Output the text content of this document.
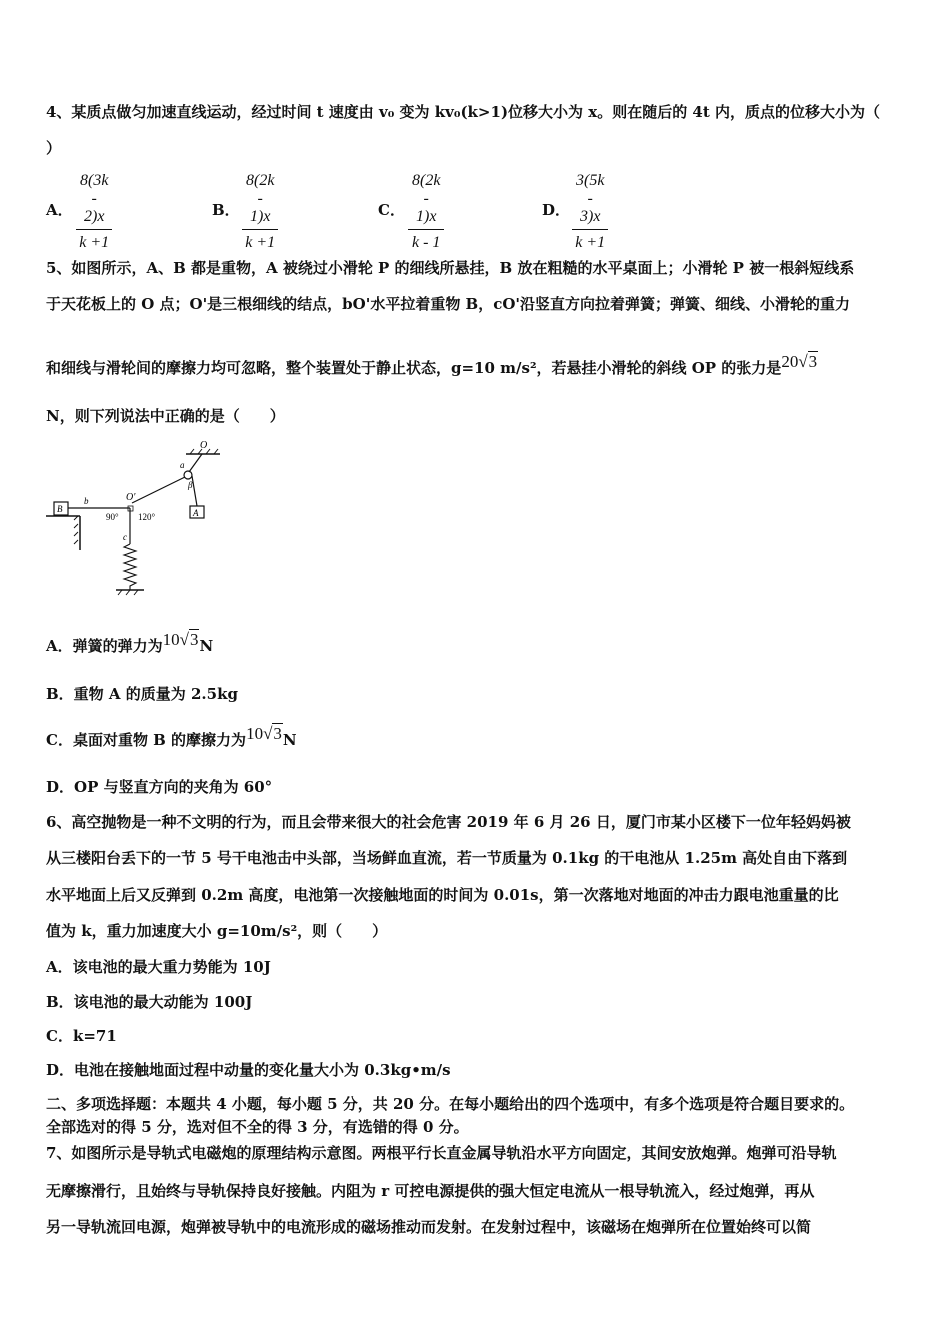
4、某质点做匀加速直线运动，经过时间 t 速度由 v₀ 变为 kv₀(k>1)位移大小为 x。则在随后的 4t 内，质点的位移大小为（
）
A． $\frac{8(3k - 2)x}{k +1}$	B． $\frac{8(2k - 1)x}{k +1}$	C． $\frac{8(2k - 1)x}{k - 1}$	D． $\frac{3(5k - 3)x}{k +1}$
5、如图所示，A、B 都是重物，A 被绕过小滑轮 P 的细线所悬挂，B 放在粗糙的水平桌面上；小滑轮 P 被一根斜短线系
于天花板上的 O 点；O'是三根细线的结点，bO'水平拉着重物 B，cO'沿竖直方向拉着弹簧；弹簧、细线、小滑轮的重力
和细线与滑轮间的摩擦力均可忽略，整个装置处于静止状态，g=10 m/s²，若悬挂小滑轮的斜线 OP 的张力是20√3
N，则下列说法中正确的是（　　）
O
a
β
A
B
b	O'
90° 120°
c
A．弹簧的弹力为10√3N
B．重物 A 的质量为 2.5kg
C．桌面对重物 B 的摩擦力为10√3N
D．OP 与竖直方向的夹角为 60°
6、高空抛物是一种不文明的行为，而且会带来很大的社会危害 2019 年 6 月 26 日，厦门市某小区楼下一位年轻妈妈被
从三楼阳台丢下的一节 5 号干电池击中头部，当场鲜血直流，若一节质量为 0.1kg 的干电池从 1.25m 高处自由下落到
水平地面上后又反弹到 0.2m 高度，电池第一次接触地面的时间为 0.01s，第一次落地对地面的冲击力跟电池重量的比
值为 k，重力加速度大小 g=10m/s²，则（　　）
A．该电池的最大重力势能为 10J
B．该电池的最大动能为 100J
C．k=71
D．电池在接触地面过程中动量的变化量大小为 0.3kg•m/s
二、多项选择题：本题共 4 小题，每小题 5 分，共 20 分。在每小题给出的四个选项中，有多个选项是符合题目要求的。
全部选对的得 5 分，选对但不全的得 3 分，有选错的得 0 分。
7、如图所示是导轨式电磁炮的原理结构示意图。两根平行长直金属导轨沿水平方向固定，其间安放炮弹。炮弹可沿导轨
无摩擦滑行，且始终与导轨保持良好接触。内阻为 r 可控电源提供的强大恒定电流从一根导轨流入，经过炮弹，再从
另一导轨流回电源，炮弹被导轨中的电流形成的磁场推动而发射。在发射过程中，该磁场在炮弹所在位置始终可以简
